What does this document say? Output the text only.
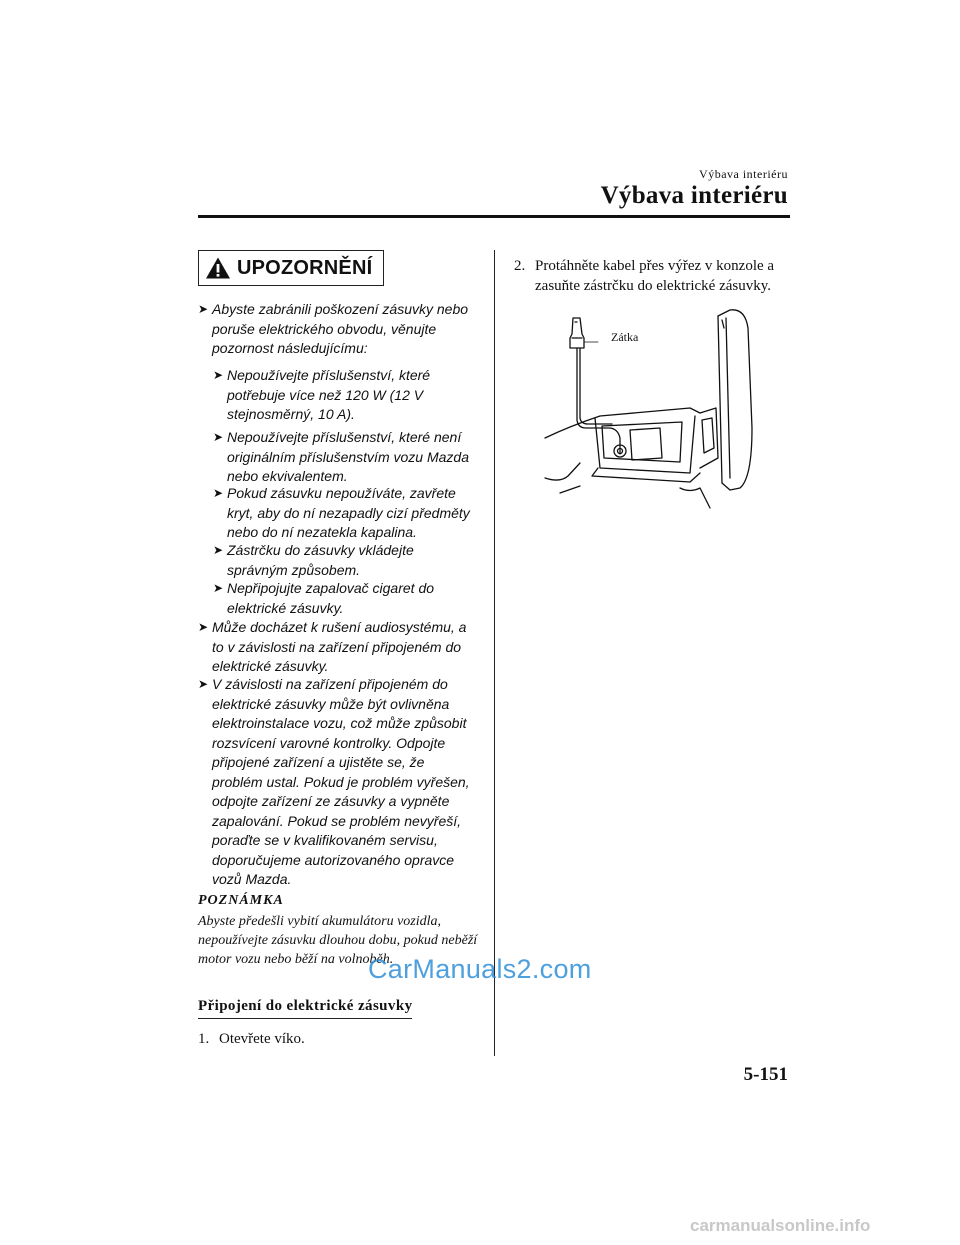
Výbava interiéru
Výbava interiéru
UPOZORNĚNÍ
➤ Abyste zabránili poškození zásuvky nebo poruše elektrického obvodu, věnujte pozornost následujícímu:
➤ Nepoužívejte příslušenství, které potřebuje více než 120 W (12 V stejnosměrný, 10 A).
➤ Nepoužívejte příslušenství, které není originálním příslušenstvím vozu Mazda nebo ekvivalentem.
➤ Pokud zásuvku nepoužíváte, zavřete kryt, aby do ní nezapadly cizí předměty nebo do ní nezatekla kapalina.
➤ Zástrčku do zásuvky vkládejte správným způsobem.
➤ Nepřipojujte zapalovač cigaret do elektrické zásuvky.
➤ Může docházet k rušení audiosystému, a to v závislosti na zařízení připojeném do elektrické zásuvky.
➤ V závislosti na zařízení připojeném do elektrické zásuvky může být ovlivněna elektroinstalace vozu, což může způsobit rozsvícení varovné kontrolky. Odpojte připojené zařízení a ujistěte se, že problém ustal. Pokud je problém vyřešen, odpojte zařízení ze zásuvky a vypněte zapalování. Pokud se problém nevyřeší, poraďte se v kvalifikovaném servisu, doporučujeme autorizovaného opravce vozů Mazda.
POZNÁMKA
Abyste předešli vybití akumulátoru vozidla, nepoužívejte zásuvku dlouhou dobu, pokud neběží motor vozu nebo běží na volnoběh.
Připojení do elektrické zásuvky
1. Otevřete víko.
2. Protáhněte kabel přes výřez v konzole a zasuňte zástrčku do elektrické zásuvky.
Zátka
5-151
CarManuals2.com
carmanualsonline.info
